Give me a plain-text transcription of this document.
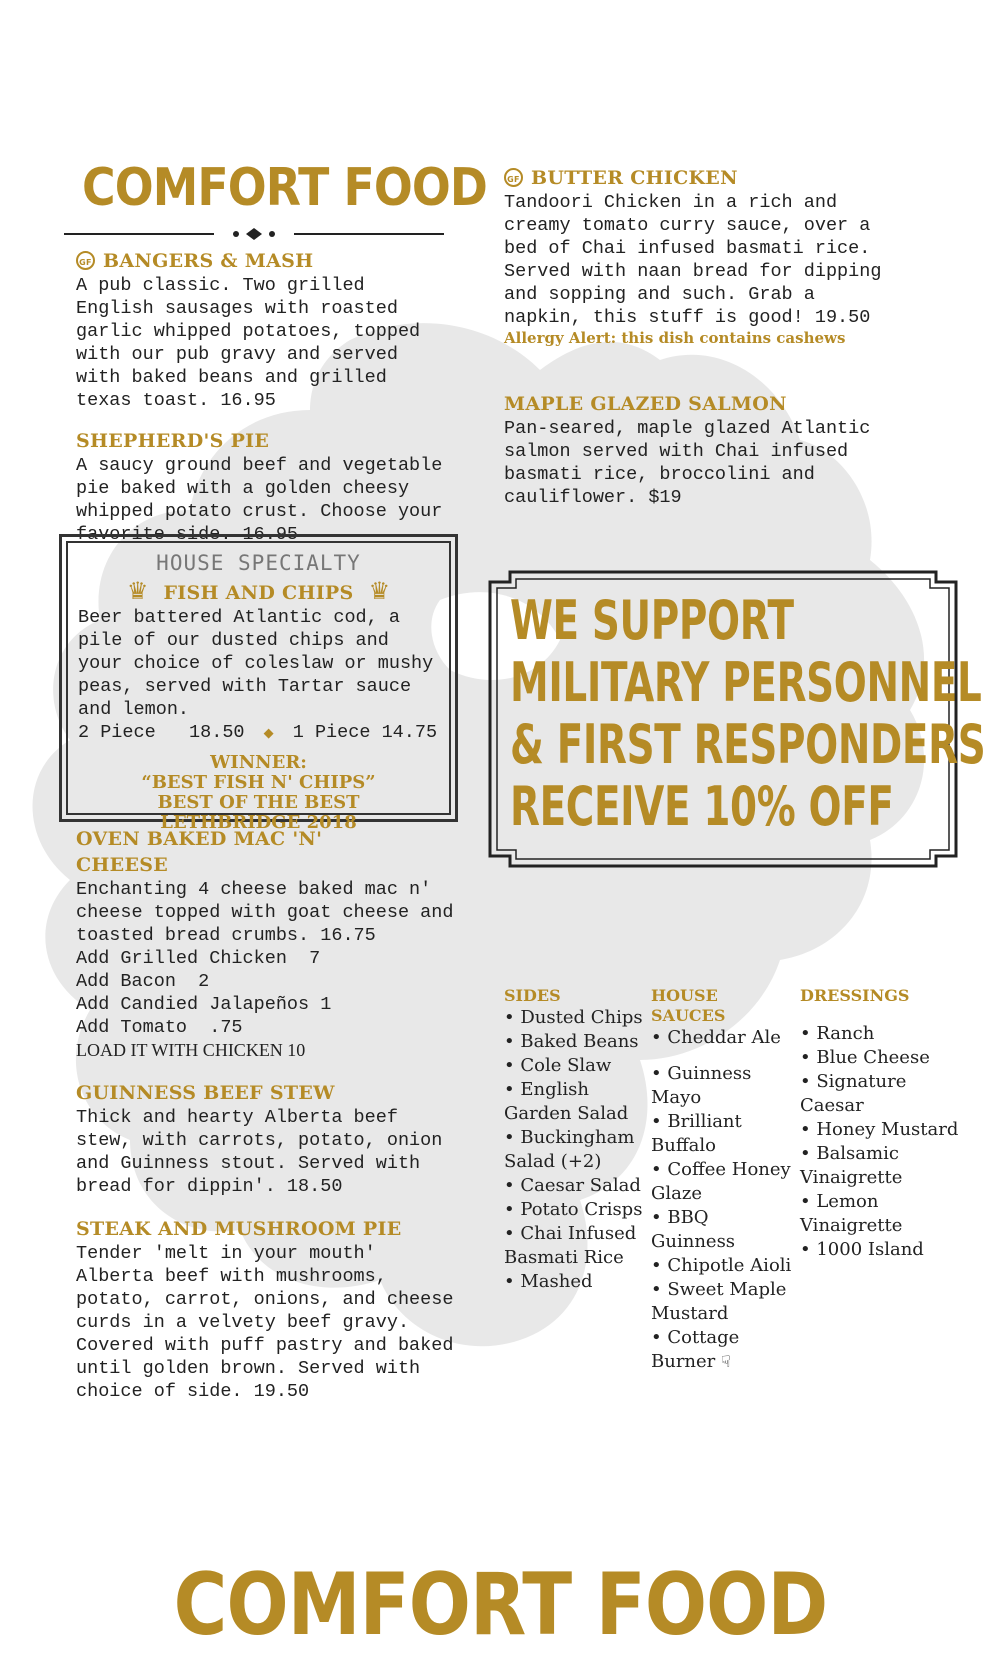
COMFORT FOOD

GF BANGERS & MASH

A pub classic. Two grilled English sausages with roasted garlic whipped potatoes, topped with our pub gravy and served with baked beans and grilled texas toast. 16.95

SHEPHERD'S PIE

A saucy ground beef and vegetable pie baked with a golden cheesy whipped potato crust. Choose your favorite side. 16.95

HOUSE SPECIALTY
♛ FISH AND CHIPS ♛

Beer battered Atlantic cod, a pile of our dusted chips and your choice of coleslaw or mushy peas, served with Tartar sauce and lemon.

2 Piece   18.50 ◆ 1 Piece 14.75

WINNER:
“BEST FISH N' CHIPS”
BEST OF THE BEST
LETHBRIDGE 2018

OVEN BAKED MAC 'N' CHEESE

Enchanting 4 cheese baked mac n' cheese topped with goat cheese and toasted bread crumbs. 16.75

Add Grilled Chicken  7

Add Bacon  2

Add Candied Jalapeños 1

Add Tomato  .75

LOAD IT WITH CHICKEN 10

GUINNESS BEEF STEW

Thick and hearty Alberta beef stew, with carrots, potato, onion and Guinness stout. Served with bread for dippin'. 18.50

STEAK AND MUSHROOM PIE

Tender 'melt in your mouth' Alberta beef with mushrooms, potato, carrot, onions, and cheese curds in a velvety beef gravy. Covered with puff pastry and baked until golden brown. Served with choice of side. 19.50

GF BUTTER CHICKEN

Tandoori Chicken in a rich and creamy tomato curry sauce, over a bed of Chai infused basmati rice. Served with naan bread for dipping and sopping and such. Grab a napkin, this stuff is good! 19.50

Allergy Alert: this dish contains cashews

MAPLE GLAZED SALMON

Pan-seared, maple glazed Atlantic salmon served with Chai infused basmati rice, broccolini and cauliflower. $19

WE SUPPORT
MILITARY PERSONNEL
& FIRST RESPONDERS
RECEIVE 10% OFF
SIDES
• Dusted Chips
• Baked Beans
• Cole Slaw
• English Garden Salad
• Buckingham Salad (+2)
• Caesar Salad
• Potato Crisps
• Chai Infused Basmati Rice
• Mashed
HOUSE SAUCES
• Cheddar Ale
• Guinness Mayo
• Brilliant Buffalo
• Coffee Honey Glaze
• BBQ Guinness
• Chipotle Aioli
• Sweet Maple Mustard
• Cottage Burner ☟
DRESSINGS
• Ranch
• Blue Cheese
• Signature Caesar
• Honey Mustard
• Balsamic Vinaigrette
• Lemon Vinaigrette
• 1000 Island
COMFORT FOOD
